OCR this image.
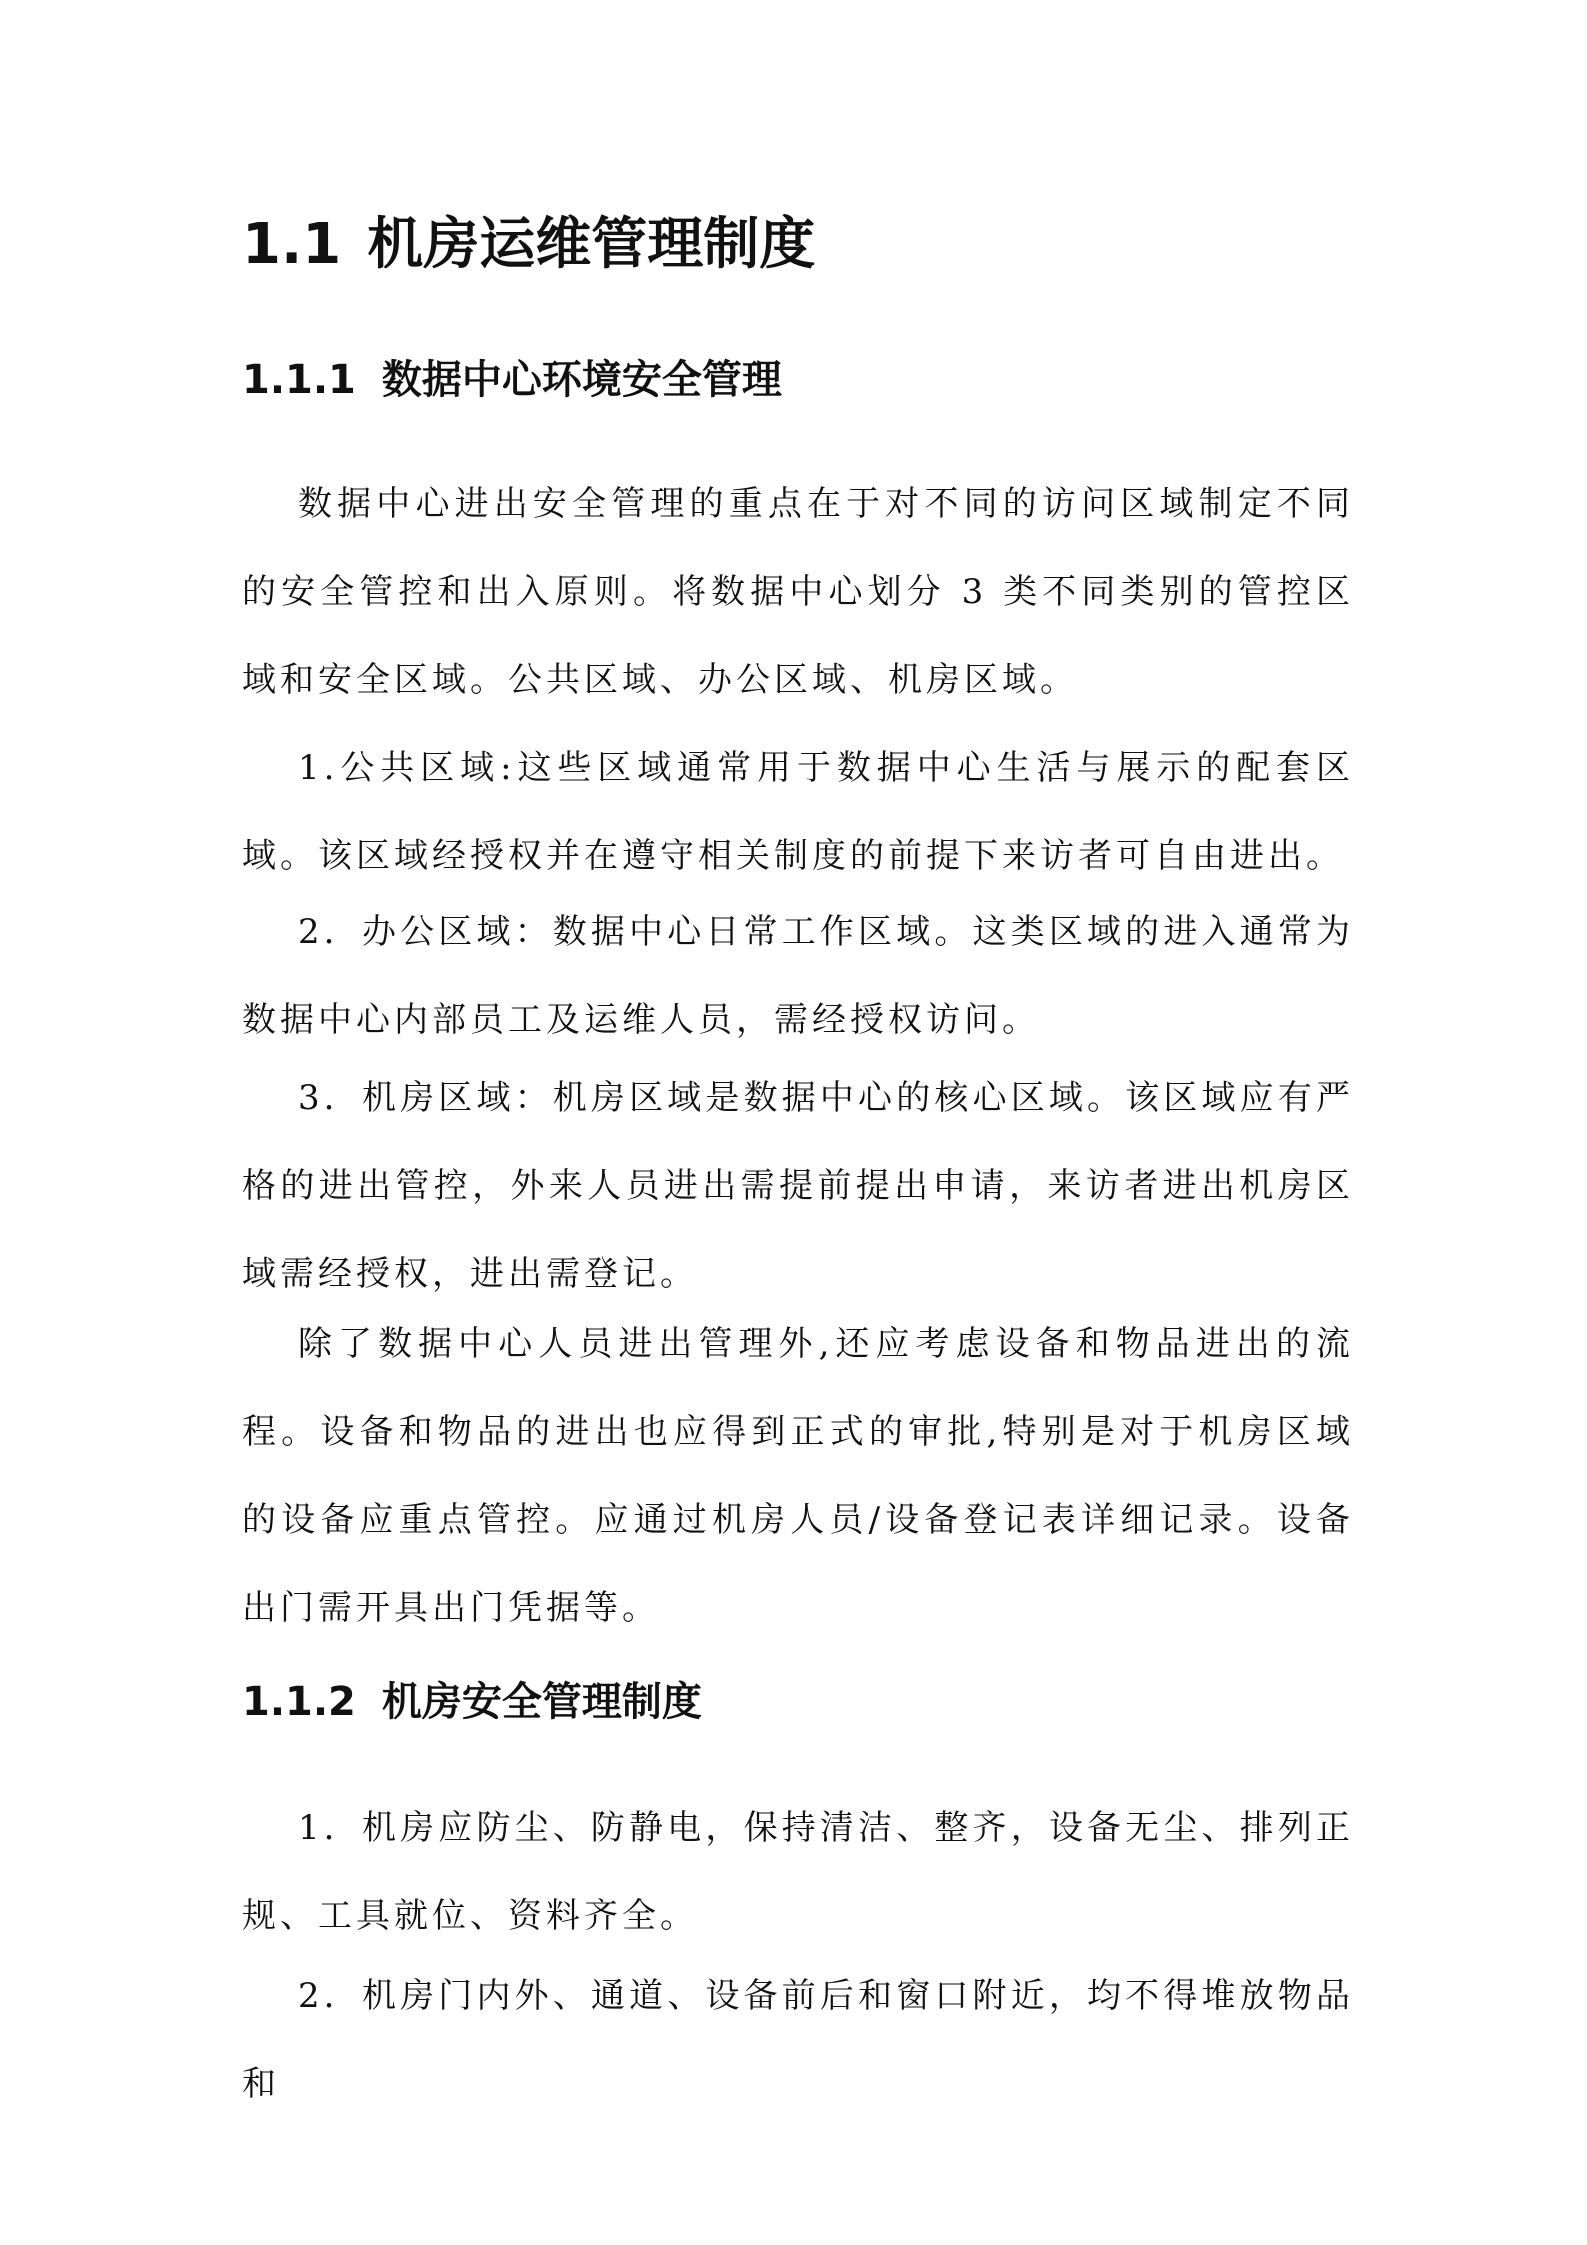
1.1 机房运维管理制度
1.1.1 数据中心环境安全管理

数据中心进出安全管理的重点在于对不同的访问区域制定不同的安全管控和出入原则。将数据中心划分 3 类不同类别的管控区域和安全区域。公共区域、办公区域、机房区域。

1.公共区域:这些区域通常用于数据中心生活与展示的配套区域。该区域经授权并在遵守相关制度的前提下来访者可自由进出。

2．办公区域：数据中心日常工作区域。这类区域的进入通常为数据中心内部员工及运维人员，需经授权访问。

3．机房区域：机房区域是数据中心的核心区域。该区域应有严格的进出管控，外来人员进出需提前提出申请，来访者进出机房区域需经授权，进出需登记。

除了数据中心人员进出管理外,还应考虑设备和物品进出的流程。设备和物品的进出也应得到正式的审批,特别是对于机房区域的设备应重点管控。应通过机房人员/设备登记表详细记录。设备出门需开具出门凭据等。

1.1.2 机房安全管理制度

1．机房应防尘、防静电，保持清洁、整齐，设备无尘、排列正规、工具就位、资料齐全。

2．机房门内外、通道、设备前后和窗口附近，均不得堆放物品和
